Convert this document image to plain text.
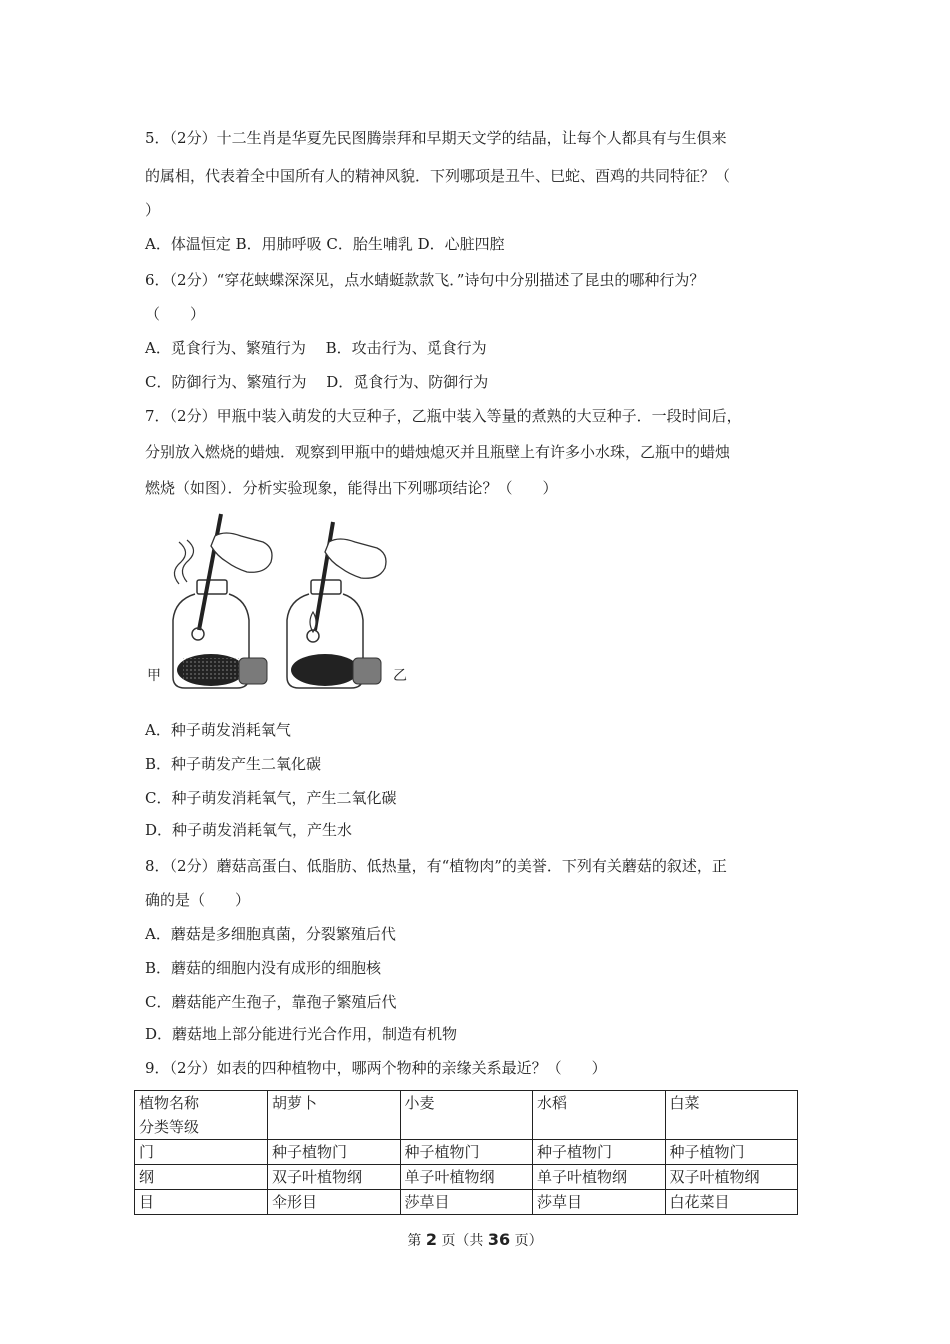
5．（2分）十二生肖是华夏先民图腾崇拜和早期天文学的结晶，让每个人都具有与生俱来
的属相，代表着全中国所有人的精神风貌．下列哪项是丑牛、巳蛇、酉鸡的共同特征？（
）
A．体温恒定 B．用肺呼吸 C．胎生哺乳 D．心脏四腔
6．（2分）“穿花蛱蝶深深见，点水蜻蜓款款飞．”诗句中分别描述了昆虫的哪种行为？
（　　）
A．觅食行为、繁殖行为　 B．攻击行为、觅食行为
C．防御行为、繁殖行为　 D．觅食行为、防御行为
7．（2分）甲瓶中装入萌发的大豆种子，乙瓶中装入等量的煮熟的大豆种子．一段时间后，
分别放入燃烧的蜡烛．观察到甲瓶中的蜡烛熄灭并且瓶壁上有许多小水珠，乙瓶中的蜡烛
燃烧（如图）．分析实验现象，能得出下列哪项结论？（　　）
甲	乙
A．种子萌发消耗氧气
B．种子萌发产生二氧化碳
C．种子萌发消耗氧气，产生二氧化碳
D．种子萌发消耗氧气，产生水
8．（2分）蘑菇高蛋白、低脂肪、低热量，有“植物肉”的美誉．下列有关蘑菇的叙述，正
确的是（　　）
A．蘑菇是多细胞真菌，分裂繁殖后代
B．蘑菇的细胞内没有成形的细胞核
C．蘑菇能产生孢子，靠孢子繁殖后代
D．蘑菇地上部分能进行光合作用，制造有机物
9．（2分）如表的四种植物中，哪两个物种的亲缘关系最近？（　　）
植物名称
分类等级	胡萝卜	小麦	水稻	白菜
门	种子植物门	种子植物门	种子植物门	种子植物门
纲	双子叶植物纲	单子叶植物纲	单子叶植物纲	双子叶植物纲
目	伞形目	莎草目	莎草目	白花菜目
第 2 页（共 36 页）
